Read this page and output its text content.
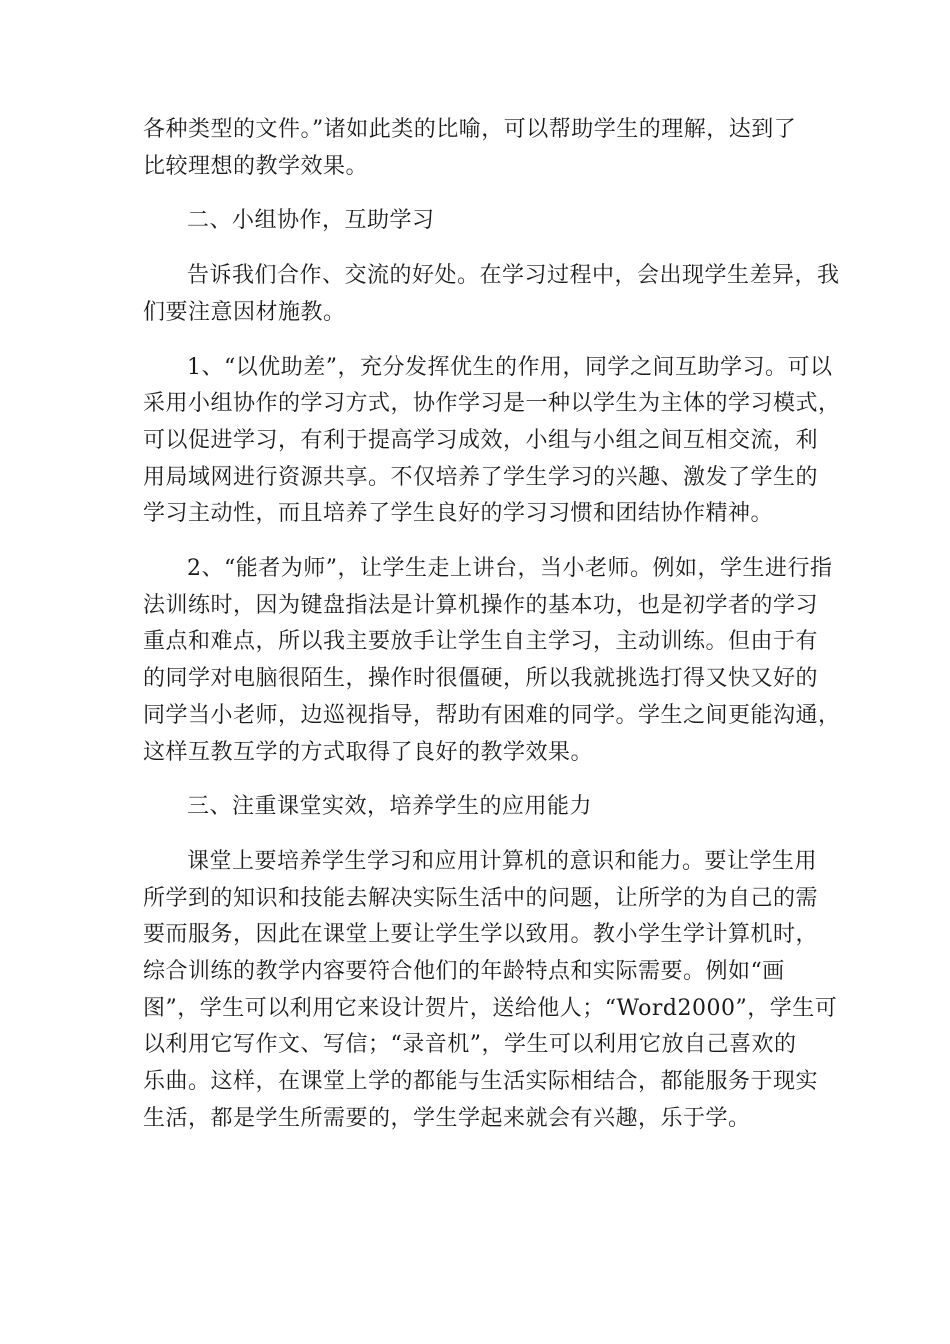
各种类型的文件。”诸如此类的比喻，可以帮助学生的理解，达到了
比较理想的教学效果。

二、小组协作，互助学习

告诉我们合作、交流的好处。在学习过程中，会出现学生差异，我
们要注意因材施教。

1、“以优助差”，充分发挥优生的作用，同学之间互助学习。可以
采用小组协作的学习方式，协作学习是一种以学生为主体的学习模式，
可以促进学习，有利于提高学习成效，小组与小组之间互相交流，利
用局域网进行资源共享。不仅培养了学生学习的兴趣、激发了学生的
学习主动性，而且培养了学生良好的学习习惯和团结协作精神。

2、“能者为师”，让学生走上讲台，当小老师。例如，学生进行指
法训练时，因为键盘指法是计算机操作的基本功，也是初学者的学习
重点和难点，所以我主要放手让学生自主学习，主动训练。但由于有
的同学对电脑很陌生，操作时很僵硬，所以我就挑选打得又快又好的
同学当小老师，边巡视指导，帮助有困难的同学。学生之间更能沟通，
这样互教互学的方式取得了良好的教学效果。

三、注重课堂实效，培养学生的应用能力

课堂上要培养学生学习和应用计算机的意识和能力。要让学生用
所学到的知识和技能去解决实际生活中的问题，让所学的为自己的需
要而服务，因此在课堂上要让学生学以致用。教小学生学计算机时，
综合训练的教学内容要符合他们的年龄特点和实际需要。例如“画
图”，学生可以利用它来设计贺片，送给他人；“Word2000”，学生可
以利用它写作文、写信；“录音机”，学生可以利用它放自己喜欢的
乐曲。这样，在课堂上学的都能与生活实际相结合，都能服务于现实
生活，都是学生所需要的，学生学起来就会有兴趣，乐于学。
